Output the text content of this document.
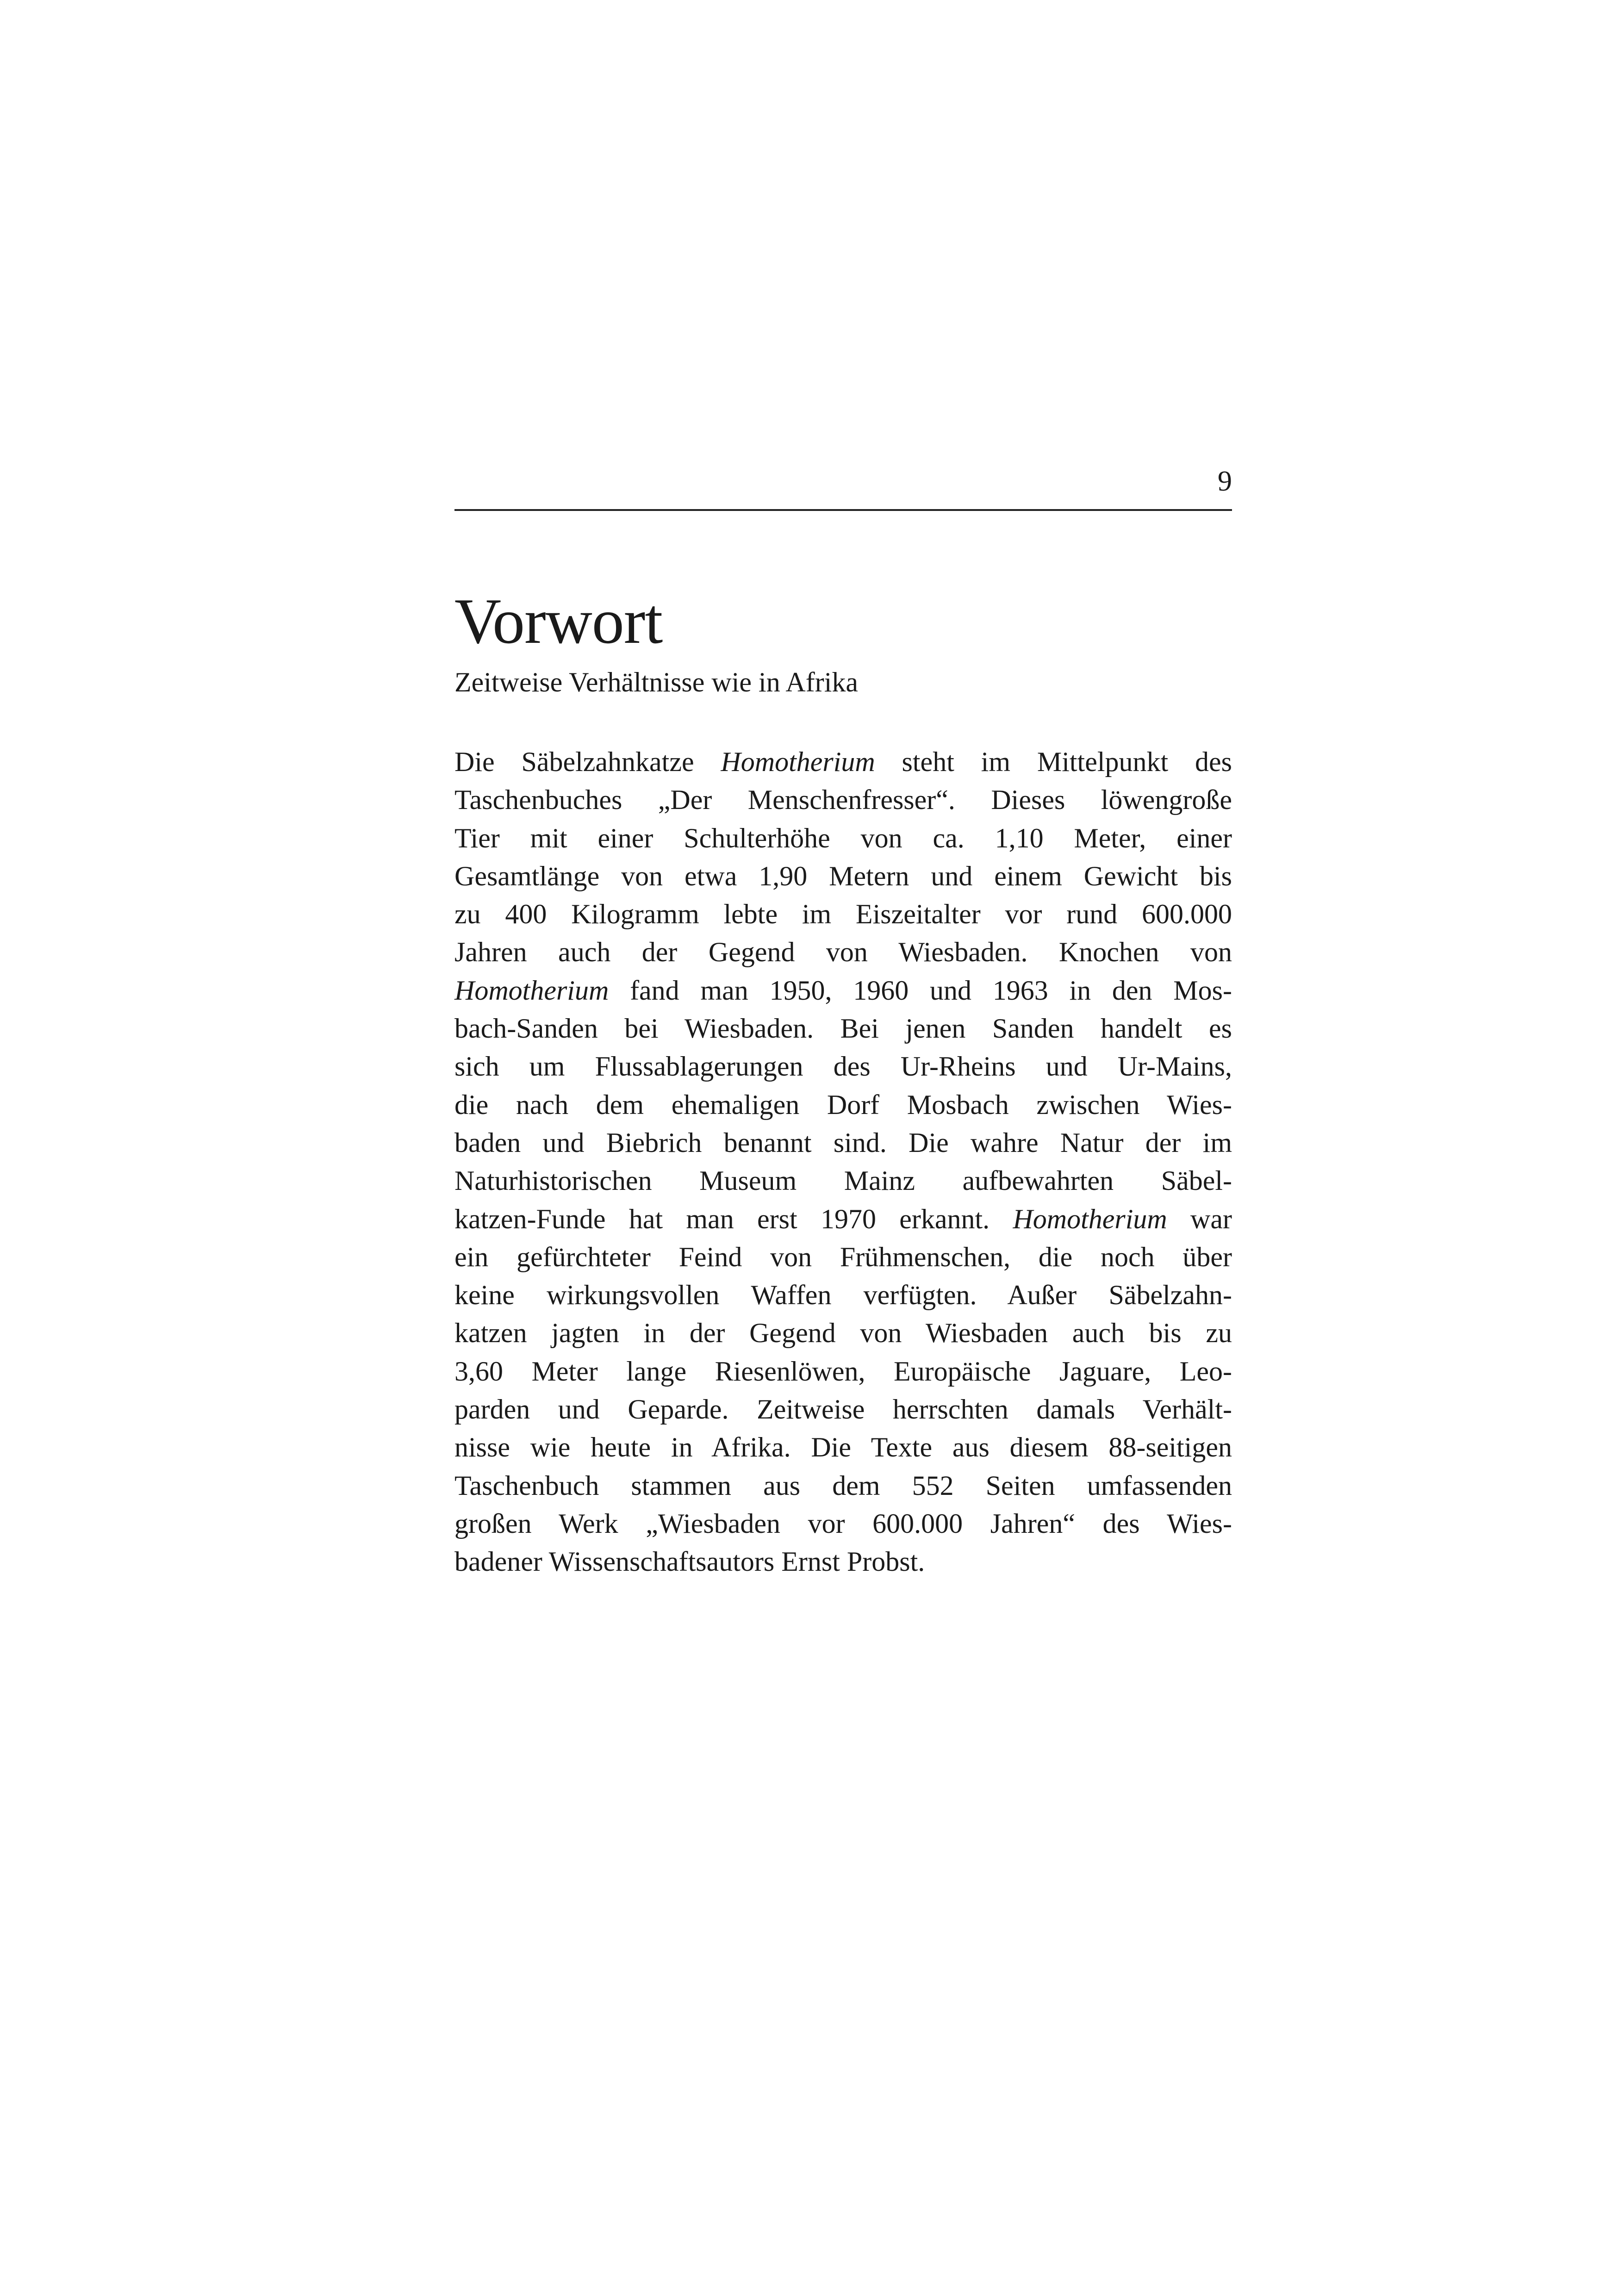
9
Vorwort

Zeitweise Verhältnisse wie in Afrika

Die Säbelzahnkatze Homotherium steht im Mittelpunkt des
Taschenbuches „Der Menschenfresser“. Dieses löwengroße
Tier mit einer Schulterhöhe von ca. 1,10 Meter, einer
Gesamtlänge von etwa 1,90 Metern und einem Gewicht bis
zu 400 Kilogramm lebte im Eiszeitalter vor rund 600.000
Jahren auch der Gegend von Wiesbaden. Knochen von
Homotherium fand man 1950, 1960 und 1963 in den Mos-
bach-Sanden bei Wiesbaden. Bei jenen Sanden handelt es
sich um Flussablagerungen des Ur-Rheins und Ur-Mains,
die nach dem ehemaligen Dorf Mosbach zwischen Wies-
baden und Biebrich benannt sind. Die wahre Natur der im
Naturhistorischen Museum Mainz aufbewahrten Säbel-
katzen-Funde hat man erst 1970 erkannt. Homotherium war
ein gefürchteter Feind von Frühmenschen, die noch über
keine wirkungsvollen Waffen verfügten. Außer Säbelzahn-
katzen jagten in der Gegend von Wiesbaden auch bis zu
3,60 Meter lange Riesenlöwen, Europäische Jaguare, Leo-
parden und Geparde. Zeitweise herrschten damals Verhält-
nisse wie heute in Afrika. Die Texte aus diesem 88-seitigen
Taschenbuch stammen aus dem 552 Seiten umfassenden
großen Werk „Wiesbaden vor 600.000 Jahren“ des Wies-
badener Wissenschaftsautors Ernst Probst.
